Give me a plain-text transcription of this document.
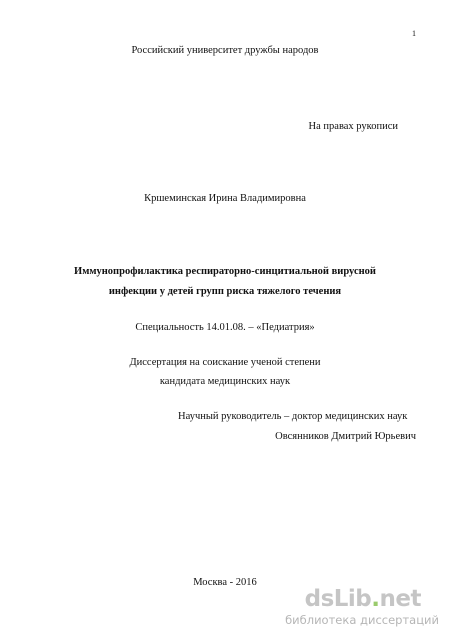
1
Российский университет дружбы народов
На правах рукописи
Кршеминская Ирина Владимировна
Иммунопрофилактика респираторно-синцитиальной вирусной
инфекции у детей групп риска тяжелого течения
Специальность 14.01.08. – «Педиатрия»
Диссертация на соискание ученой степени
кандидата медицинских наук
Научный руководитель – доктор медицинских наук
Овсянников Дмитрий Юрьевич
Москва - 2016
dsLib.net
библиотека диссертаций
